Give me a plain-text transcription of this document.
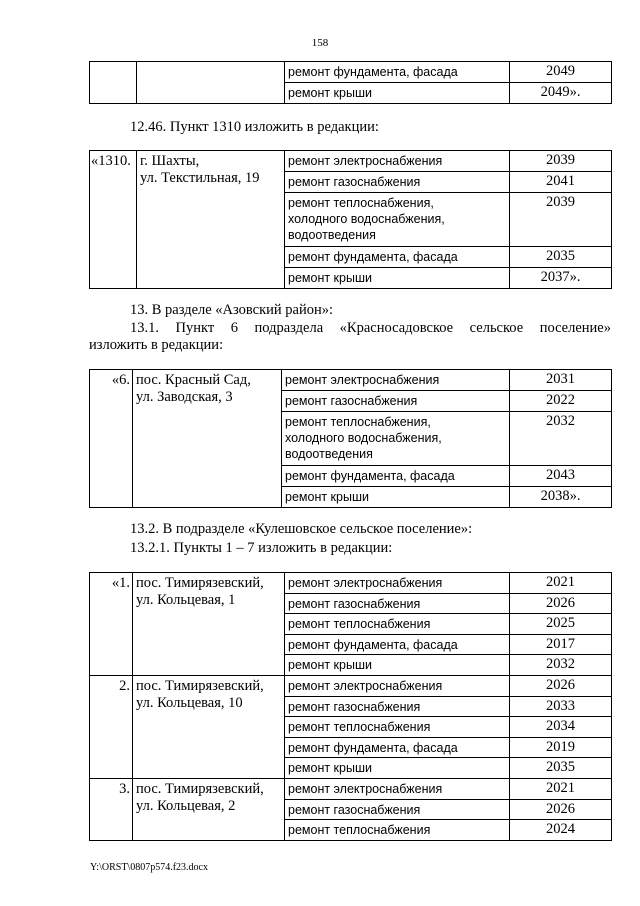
158
		ремонт фундамента, фасада	2049
		ремонт крыши	2049».
12.46. Пункт 1310 изложить в редакции:
«1310.	г. Шахты,
ул. Текстильная, 19	ремонт электроснабжения	2039
		ремонт газоснабжения	2041

		ремонт теплоснабжения,
холодного водоснабжения,
водоотведения	2039
		ремонт фундамента, фасада	2035
		ремонт крыши	2037».
13. В разделе «Азовский район»:
13.1. Пункт 6 подраздела «Красносадовское сельское поселение»
изложить в редакции:
«6.	пос. Красный Сад,
ул. Заводская, 3	ремонт электроснабжения	2031
		ремонт газоснабжения	2022

		ремонт теплоснабжения,
холодного водоснабжения,
водоотведения	2032
		ремонт фундамента, фасада	2043
		ремонт крыши	2038».
13.2. В подразделе «Кулешовское сельское поселение»:
13.2.1. Пункты 1 – 7 изложить в редакции:
«1.	пос. Тимирязевский,
ул. Кольцевая, 1	ремонт электроснабжения	2021
		ремонт газоснабжения	2026
		ремонт теплоснабжения	2025
		ремонт фундамента, фасада	2017
		ремонт крыши	2032
2.	пос. Тимирязевский,
ул. Кольцевая, 10	ремонт электроснабжения	2026
		ремонт газоснабжения	2033
		ремонт теплоснабжения	2034
		ремонт фундамента, фасада	2019
		ремонт крыши	2035
3.	пос. Тимирязевский,
ул. Кольцевая, 2	ремонт электроснабжения	2021
		ремонт газоснабжения	2026
		ремонт теплоснабжения	2024
Y:\ORST\0807p574.f23.docx
